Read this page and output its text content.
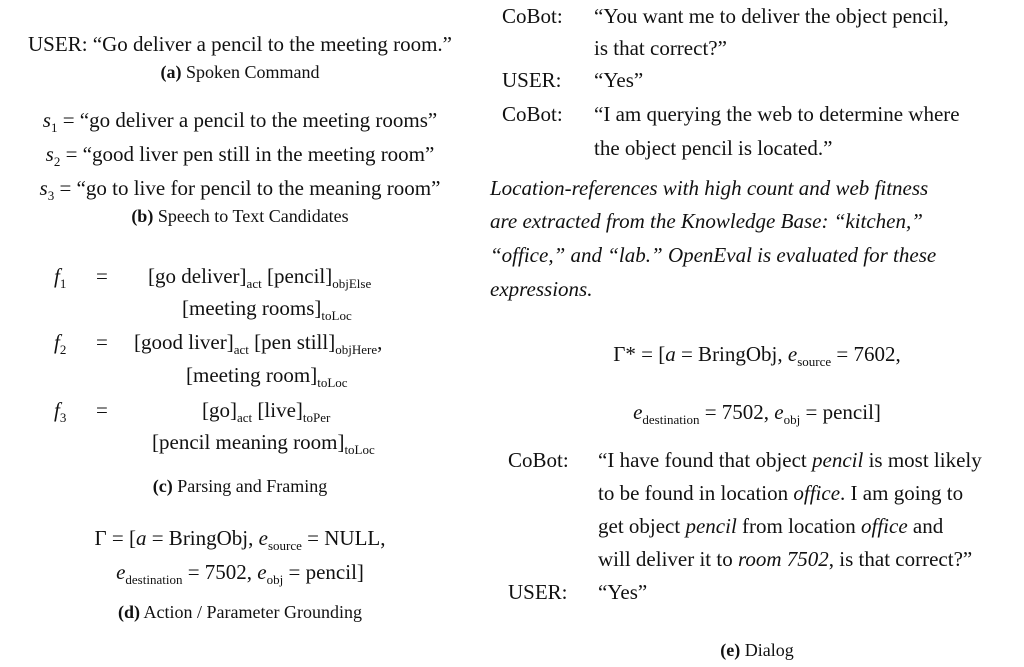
USER: “Go deliver a pencil to the meeting room.”
(a) Spoken Command
$s_1$ = “go deliver a pencil to the meeting rooms”
$s_2$ = “good liver pen still in the meeting room”
$s_3$ = “go to live for pencil to the meaning room”
(b) Speech to Text Candidates
$f_1 = [go$ $deliver]_{act}$ $[pencil]_{objElse}$
[meeting $rooms]_{toLoc}$
$f_2$ = [good $liver]_{act}$ [pen $still]_{objHere}$,
[meeting $room]_{toLoc}$
$f_3$ =	$[go]_{act}$ $[live]_{toPer}$
[pencil meaning $room]_{toLoc}$
(c) Parsing and Framing
Γ = [a = BringObj, $e_{source}$ = NULL,
$e_{destination} = 7502$, $e_{obj}$ = pencil]
(d) Action / Parameter Grounding
CoBot: “You want me to deliver the object pencil,
is that correct?”
USER: “Yes”
CoBot: “I am querying the web to determine where
the object pencil is located.”
Location-references with high count and web fitness
are extracted from the Knowledge Base: “kitchen,”
“office,” and “lab.” OpenEval is evaluated for these
expressions.
Γ* = [a = BringObj, $e_{source} = 7602$,
$e_{destination} = 7502$, $e_{obj}$ = pencil]
CoBot: “I have found that object pencil is most likely
to be found in location office. I am going to
get object pencil from location office and
will deliver it to room 7502, is that correct?”
USER: “Yes”
(e) Dialog
